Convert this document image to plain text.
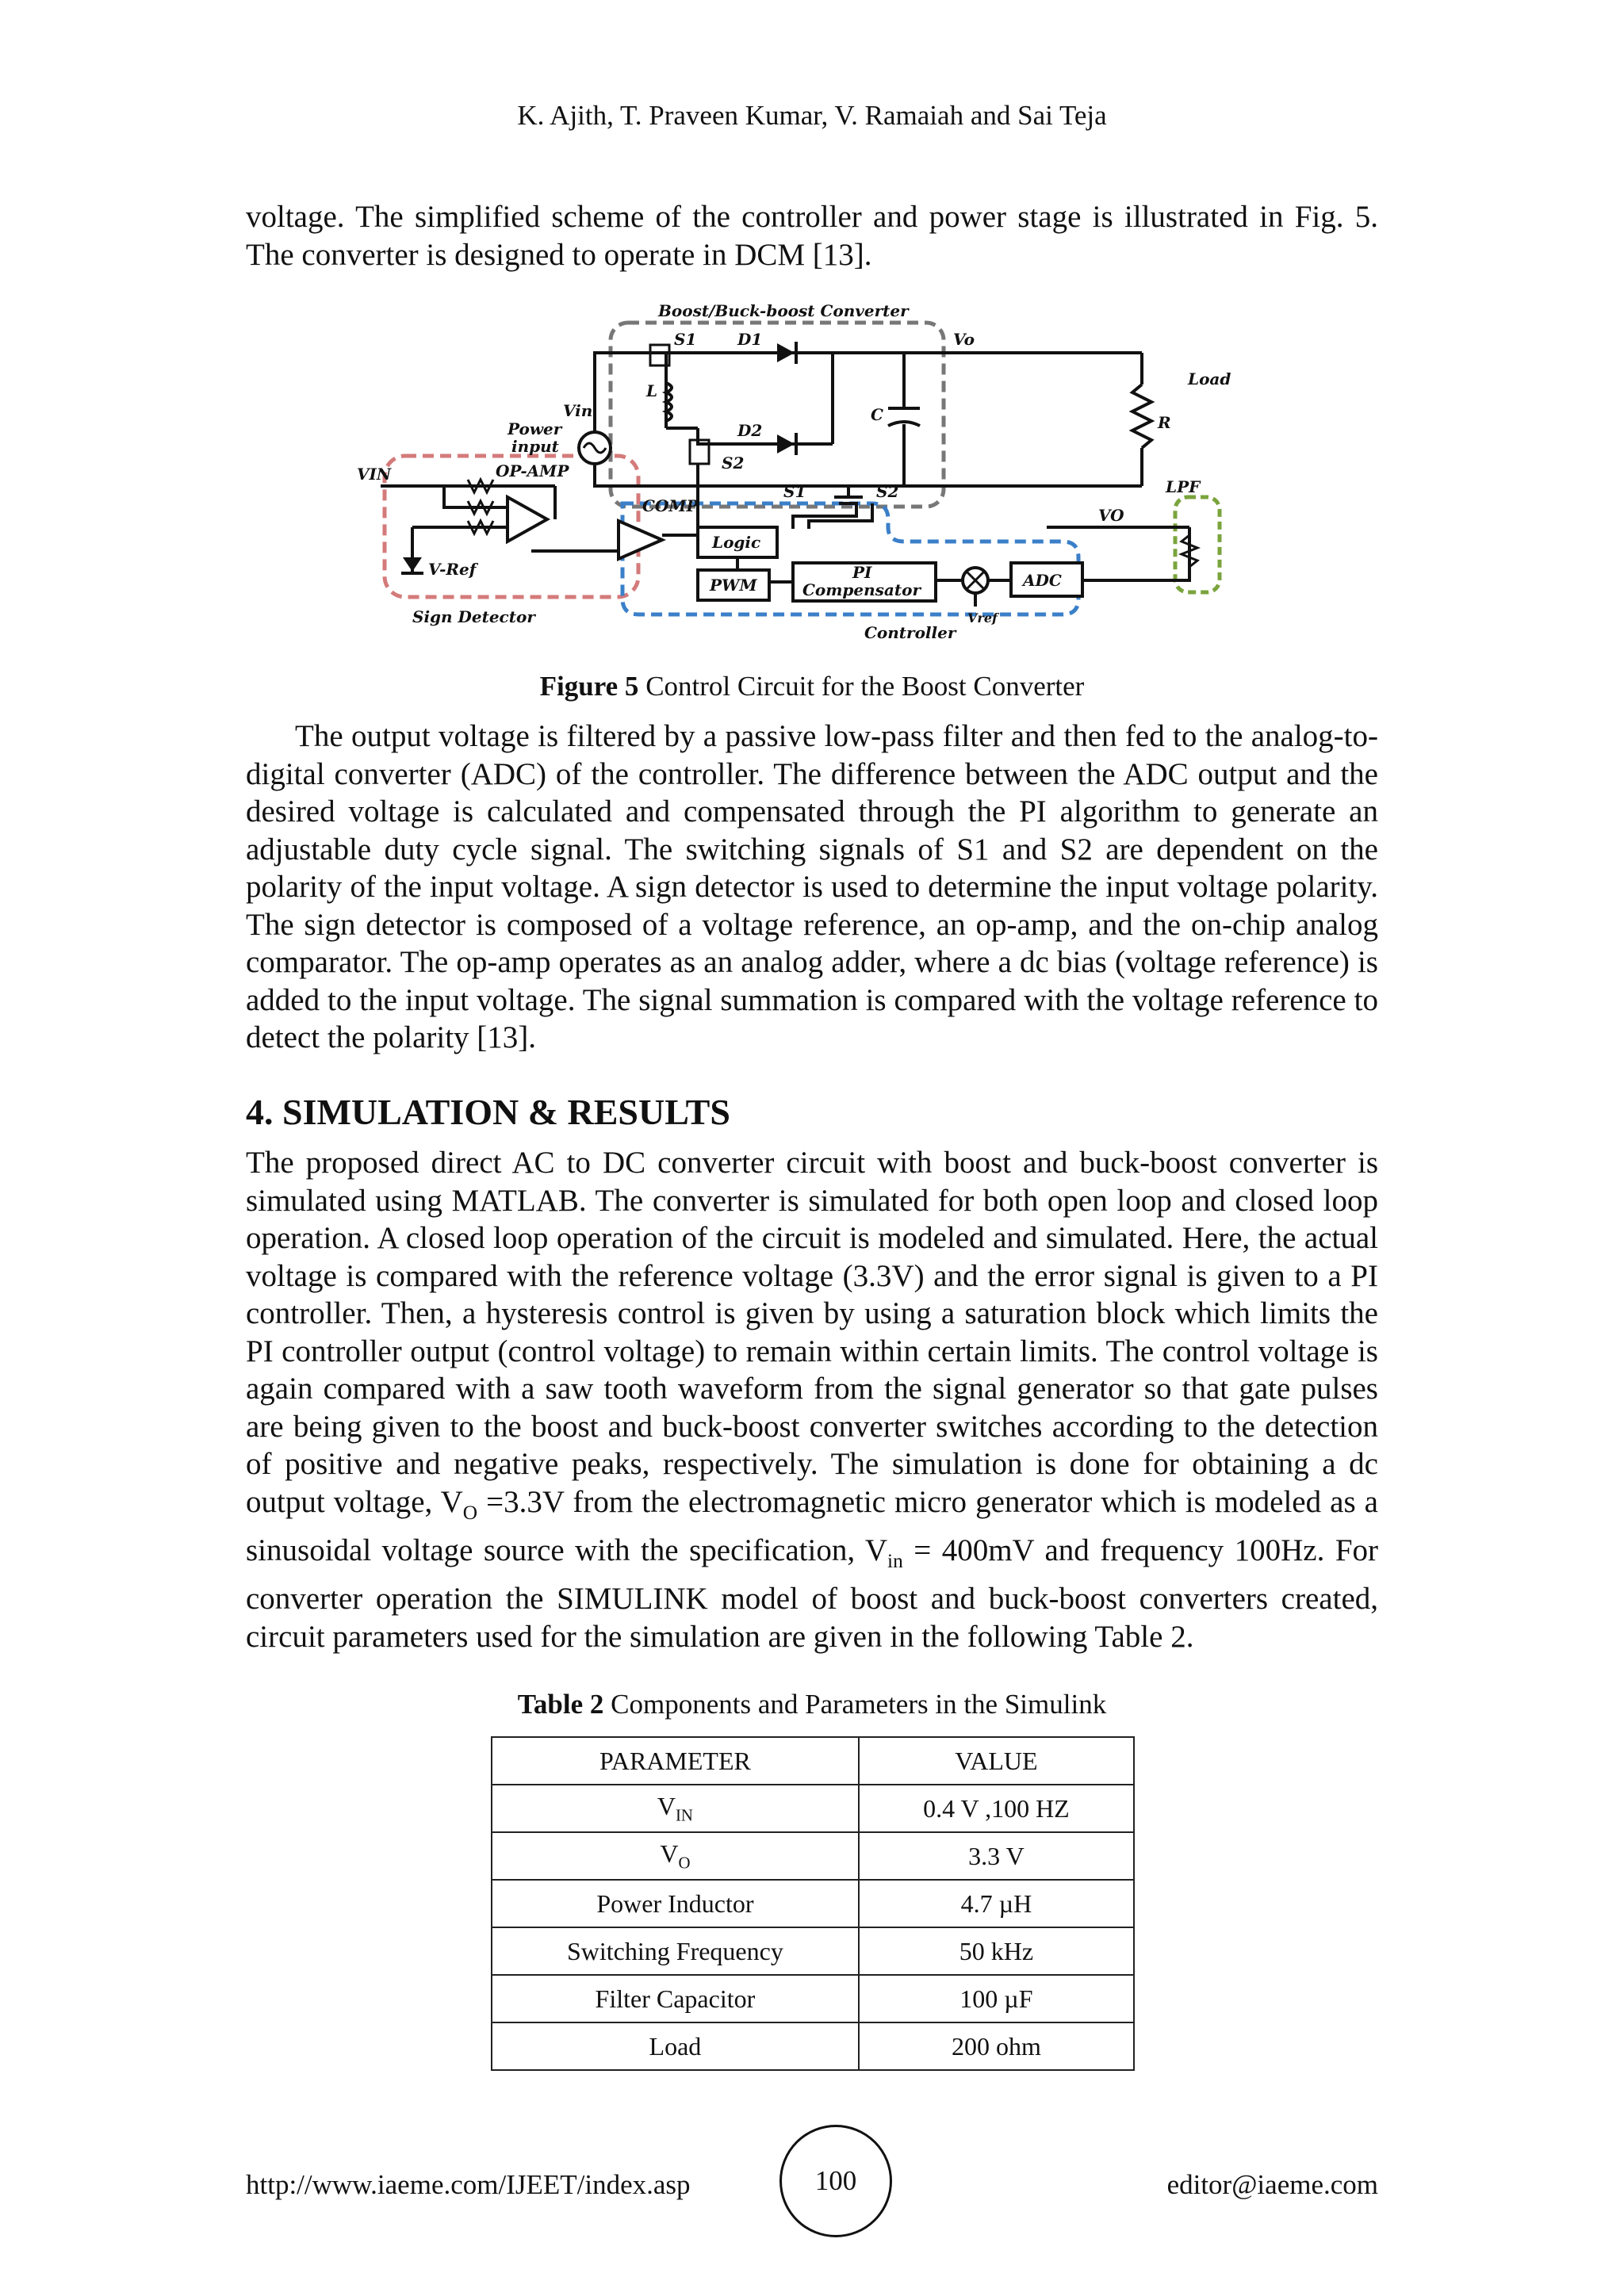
K. Ajith, T. Praveen Kumar, V. Ramaiah and Sai Teja

voltage. The simplified scheme of the controller and power stage is illustrated in Fig. 5. The converter is designed to operate in DCM [13].

Boost/Buck-boost Converter
S1	D1
L
D2
S2
Vo
C	R
Load
Vin
Power
input
VIN	OP-AMP
V-Ref
COMP
Logic
PWM
PI
Compensator	ADC
LPF
VO
Vref
Sign Detector
Controller
S1	S2
Figure 5 Control Circuit for the Boost Converter

The output voltage is filtered by a passive low-pass filter and then fed to the analog-to-digital converter (ADC) of the controller. The difference between the ADC output and the desired voltage is calculated and compensated through the PI algorithm to generate an adjustable duty cycle signal. The switching signals of S1 and S2 are dependent on the polarity of the input voltage. A sign detector is used to determine the input voltage polarity. The sign detector is composed of a voltage reference, an op-amp, and the on-chip analog comparator. The op-amp operates as an analog adder, where a dc bias (voltage reference) is added to the input voltage. The signal summation is compared with the voltage reference to detect the polarity [13].

4. SIMULATION & RESULTS

The proposed direct AC to DC converter circuit with boost and buck-boost converter is simulated using MATLAB. The converter is simulated for both open loop and closed loop operation. A closed loop operation of the circuit is modeled and simulated. Here, the actual voltage is compared with the reference voltage (3.3V) and the error signal is given to a PI controller. Then, a hysteresis control is given by using a saturation block which limits the PI controller output (control voltage) to remain within certain limits. The control voltage is again compared with a saw tooth waveform from the signal generator so that gate pulses are being given to the boost and buck-boost converter switches according to the detection of positive and negative peaks, respectively. The simulation is done for obtaining a dc output voltage, $V_O =3.3V$ from the electromagnetic micro generator which is modeled as a sinusoidal voltage source with the specification, $V_{in} = 400mV$ and frequency 100Hz. For converter operation the SIMULINK model of boost and buck-boost converters created, circuit parameters used for the simulation are given in the following Table 2.

Table 2 Components and Parameters in the Simulink
PARAMETER	VALUE
$V_{IN}$	0.4 V ,100 HZ
$V_O$	3.3 V
Power Inductor	4.7 µH
Switching Frequency	50 kHz
Filter Capacitor	100 µF
Load	200 ohm
http://www.iaeme.com/IJEET/index.asp	100	editor@iaeme.com
